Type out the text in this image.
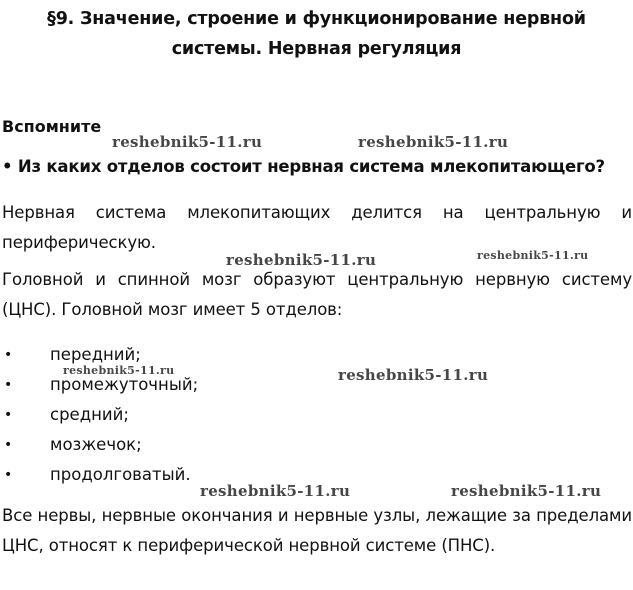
§9. Значение, строение и функционирование нервной
системы. Нервная регуляция
Вспомните
• Из каких отделов состоит нервная система млекопитающего?
Нервная система млекопитающих делится на центральную и периферическую.
Головной и спинной мозг образуют центральную нервную систему (ЦНС). Головной мозг имеет 5 отделов:
• передний;
• промежуточный;
• средний;
• мозжечок;
• продолговатый.
Все нервы, нервные окончания и нервные узлы, лежащие за пределами ЦНС, относят к периферической нервной системе (ПНС).
reshebnik5-11.ru	reshebnik5-11.ru
reshebnik5-11.ru	reshebnik5-11.ru
reshebnik5-11.ru	reshebnik5-11.ru
reshebnik5-11.ru	reshebnik5-11.ru
